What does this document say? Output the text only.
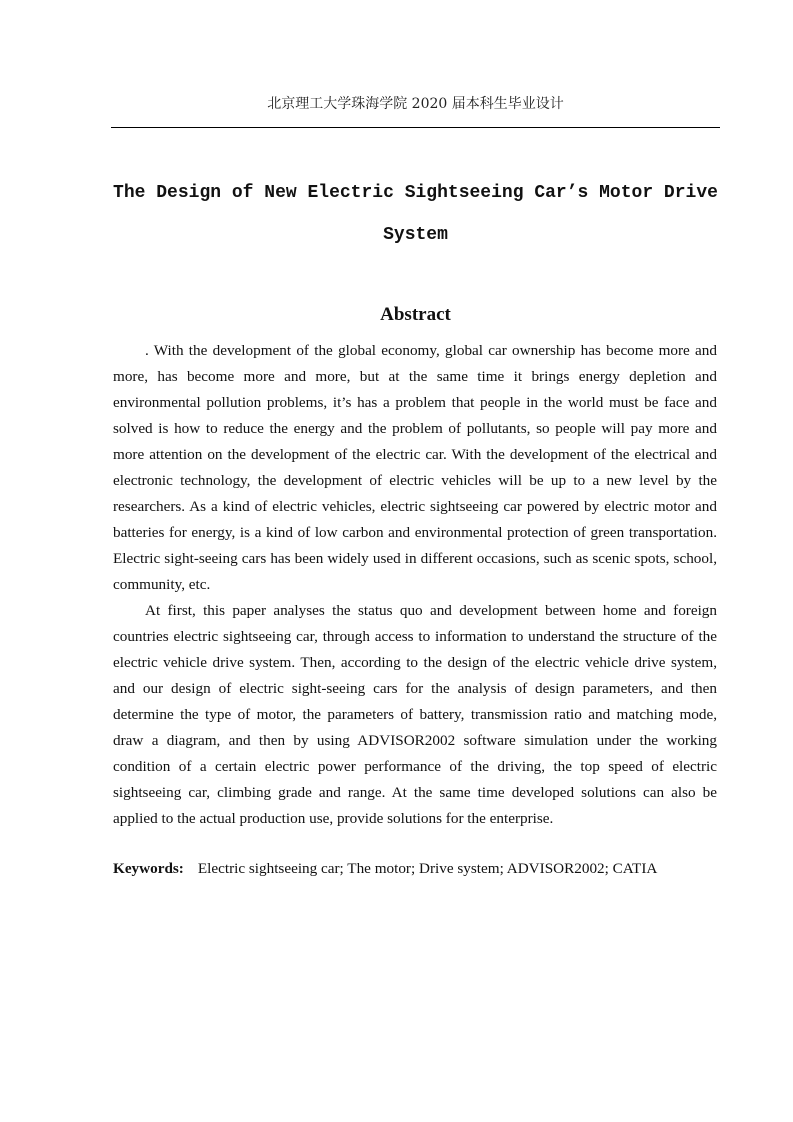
北京理工大学珠海学院 2020 届本科生毕业设计
The Design of New Electric Sightseeing Car’s Motor Drive
System
Abstract

. With the development of the global economy, global car ownership has become more and more, has become more and more, but at the same time it brings energy depletion and environmental pollution problems, it’s has a problem that people in the world must be face and solved is how to reduce the energy and the problem of pollutants, so people will pay more and more attention on the development of the electric car. With the development of the electrical and electronic technology, the development of electric vehicles will be up to a new level by the researchers. As a kind of electric vehicles, electric sightseeing car powered by electric motor and batteries for energy, is a kind of low carbon and environmental protection of green transportation. Electric sight-seeing cars has been widely used in different occasions, such as scenic spots, school, community, etc.

At first, this paper analyses the status quo and development between home and foreign countries electric sightseeing car, through access to information to understand the structure of the electric vehicle drive system. Then, according to the design of the electric vehicle drive system, and our design of electric sight-seeing cars for the analysis of design parameters, and then determine the type of motor, the parameters of battery, transmission ratio and matching mode, draw a diagram, and then by using ADVISOR2002 software simulation under the working condition of a certain electric power performance of the driving, the top speed of electric sightseeing car, climbing grade and range. At the same time developed solutions can also be applied to the actual production use, provide solutions for the enterprise.

Keywords: Electric sightseeing car; The motor; Drive system; ADVISOR2002; CATIA
